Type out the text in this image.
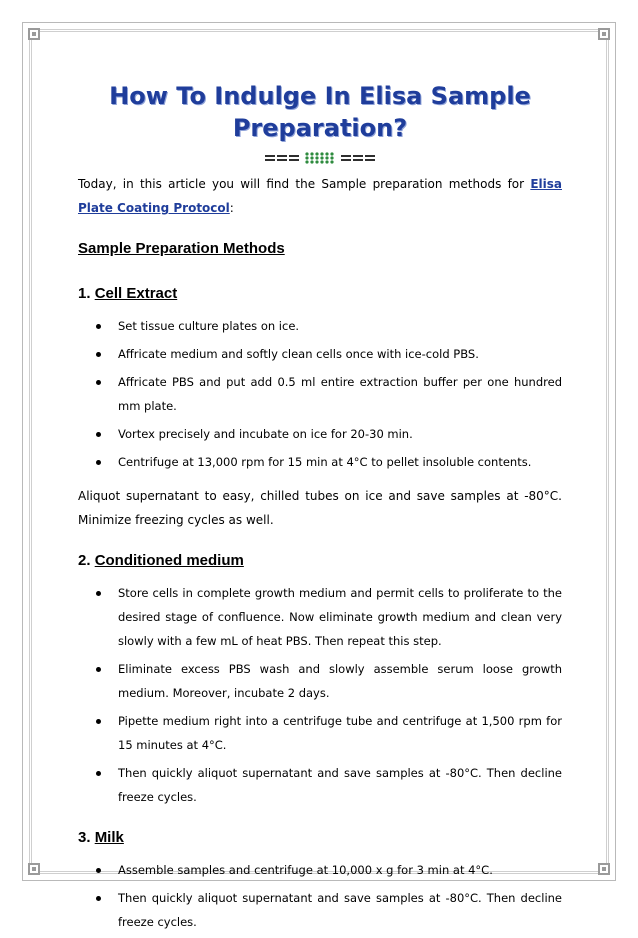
How To Indulge In Elisa Sample Preparation?

Today, in this article you will find the Sample preparation methods for Elisa Plate Coating Protocol:

Sample Preparation Methods
1. Cell Extract
Set tissue culture plates on ice.
Affricate medium and softly clean cells once with ice-cold PBS.
Affricate PBS and put add 0.5 ml entire extraction buffer per one hundred mm plate.
Vortex precisely and incubate on ice for 20-30 min.
Centrifuge at 13,000 rpm for 15 min at 4°C to pellet insoluble contents.

Aliquot supernatant to easy, chilled tubes on ice and save samples at -80°C. Minimize freezing cycles as well.

2. Conditioned medium
Store cells in complete growth medium and permit cells to proliferate to the desired stage of confluence. Now eliminate growth medium and clean very slowly with a few mL of heat PBS. Then repeat this step.
Eliminate excess PBS wash and slowly assemble serum loose growth medium. Moreover, incubate 2 days.
Pipette medium right into a centrifuge tube and centrifuge at 1,500 rpm for 15 minutes at 4°C.
Then quickly aliquot supernatant and save samples at -80°C. Then decline freeze cycles.
3. Milk
Assemble samples and centrifuge at 10,000 x g for 3 min at 4°C.
Then quickly aliquot supernatant and save samples at -80°C. Then decline freeze cycles.
